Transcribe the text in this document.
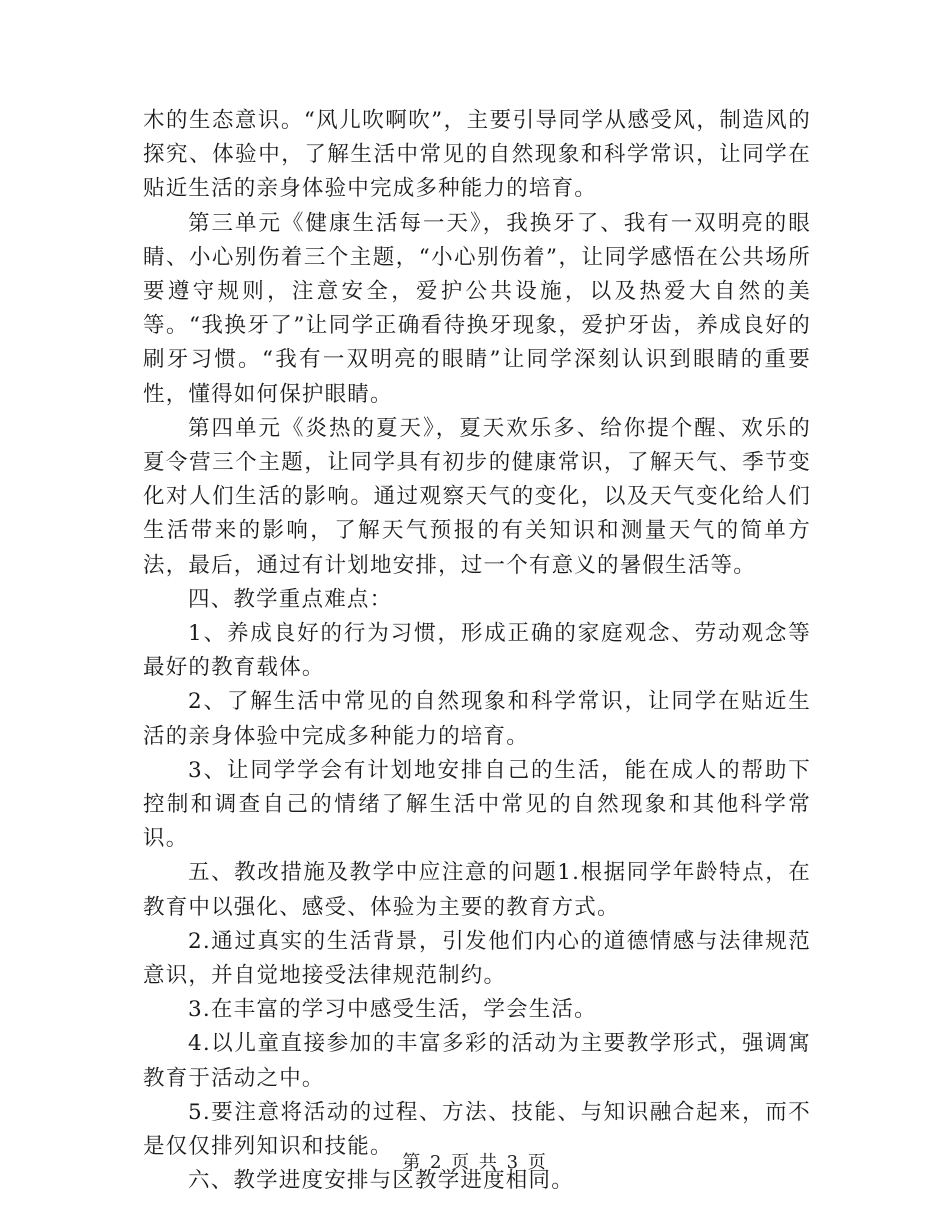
木的生态意识。“风儿吹啊吹”，主要引导同学从感受风，制造风的探究、体验中，了解生活中常见的自然现象和科学常识，让同学在贴近生活的亲身体验中完成多种能力的培育。

第三单元《健康生活每一天》，我换牙了、我有一双明亮的眼睛、小心别伤着三个主题，“小心别伤着”，让同学感悟在公共场所要遵守规则，注意安全，爱护公共设施，以及热爱大自然的美等。“我换牙了”让同学正确看待换牙现象，爱护牙齿，养成良好的刷牙习惯。“我有一双明亮的眼睛”让同学深刻认识到眼睛的重要性，懂得如何保护眼睛。

第四单元《炎热的夏天》，夏天欢乐多、给你提个醒、欢乐的夏令营三个主题，让同学具有初步的健康常识，了解天气、季节变化对人们生活的影响。通过观察天气的变化，以及天气变化给人们生活带来的影响，了解天气预报的有关知识和测量天气的简单方法，最后，通过有计划地安排，过一个有意义的暑假生活等。

四、教学重点难点：

1、养成良好的行为习惯，形成正确的家庭观念、劳动观念等最好的教育载体。

2、了解生活中常见的自然现象和科学常识，让同学在贴近生活的亲身体验中完成多种能力的培育。

3、让同学学会有计划地安排自己的生活，能在成人的帮助下控制和调查自己的情绪了解生活中常见的自然现象和其他科学常识。

五、教改措施及教学中应注意的问题1.根据同学年龄特点，在教育中以强化、感受、体验为主要的教育方式。

2.通过真实的生活背景，引发他们内心的道德情感与法律规范意识，并自觉地接受法律规范制约。

3.在丰富的学习中感受生活，学会生活。

4.以儿童直接参加的丰富多彩的活动为主要教学形式，强调寓教育于活动之中。

5.要注意将活动的过程、方法、技能、与知识融合起来，而不是仅仅排列知识和技能。

六、教学进度安排与区教学进度相同。

第 2 页 共 3 页
